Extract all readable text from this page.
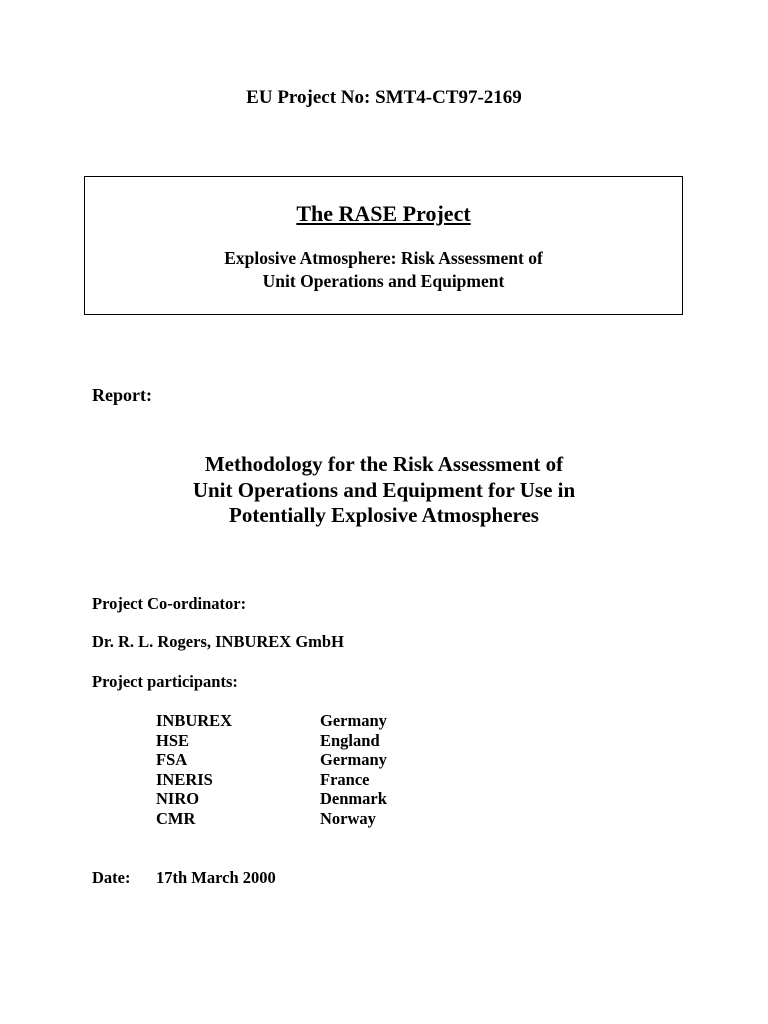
EU Project No: SMT4-CT97-2169
The RASE Project
Explosive Atmosphere: Risk Assessment of
Unit Operations and Equipment
Report:
Methodology for the Risk Assessment of
Unit Operations and Equipment for Use in
Potentially Explosive Atmospheres
Project Co-ordinator:
Dr. R. L. Rogers, INBUREX GmbH
Project participants:
INBUREX	Germany
HSE	England
FSA	Germany
INERIS	France
NIRO	Denmark
CMR	Norway
Date:	17th March 2000
